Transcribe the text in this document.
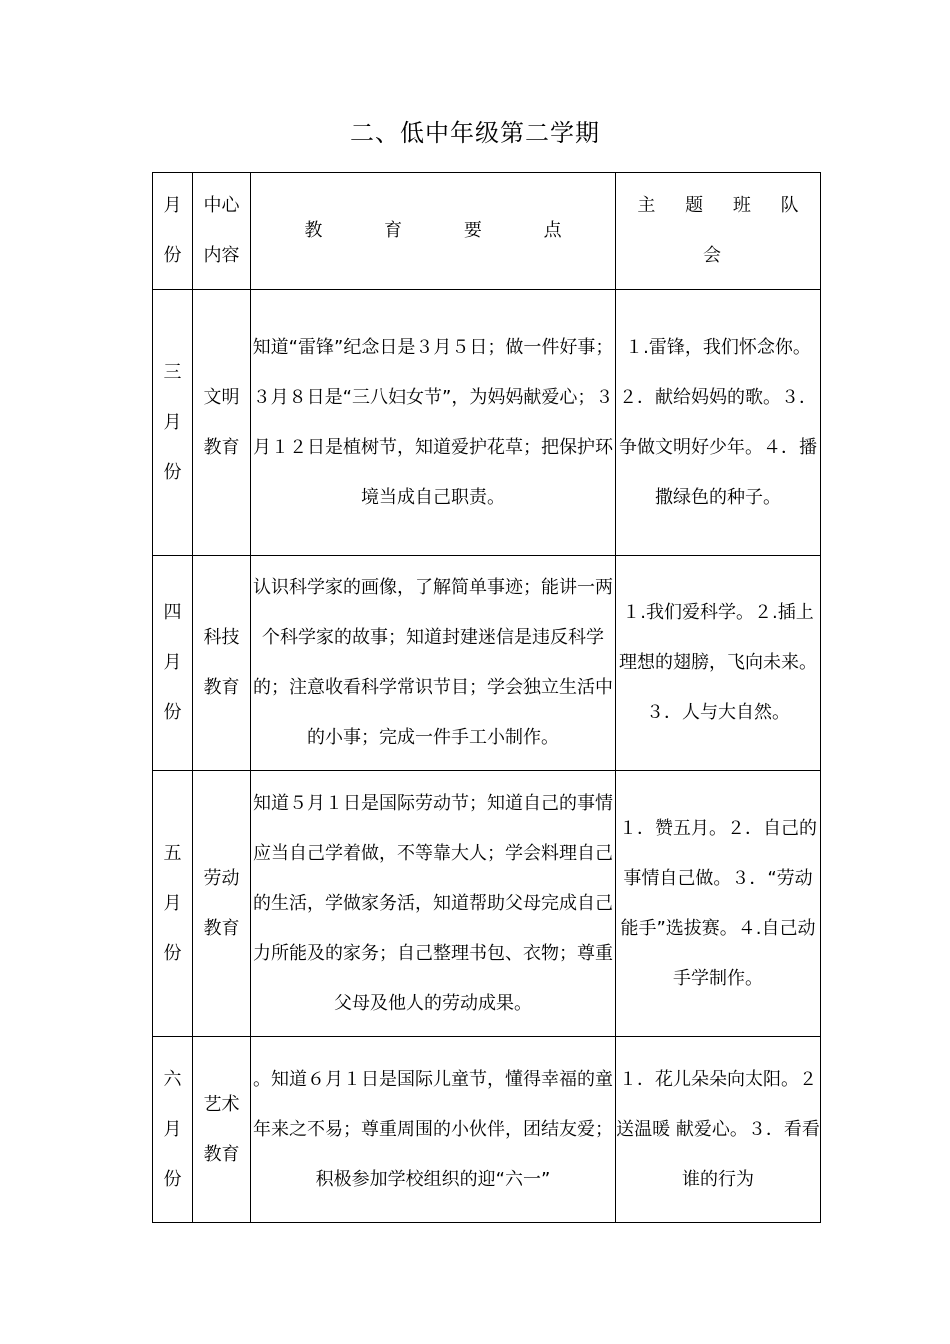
二、低中年级第二学期
月
份	中心
内容	教 育 要 点	主 题 班 队 会

三
月
份	文明
教育	知道“雷锋”纪念日是３月５日；做一件好事；３月８日是“三八妇女节”，为妈妈献爱心；３月１２日是植树节，知道爱护花草；把保护环境当成自己职责。	１.雷锋，我们怀念你。２．献给妈妈的歌。３．争做文明好少年。４．播撒绿色的种子。

四
月
份	科技
教育	认识科学家的画像，了解简单事迹；能讲一两个科学家的故事；知道封建迷信是违反科学的；注意收看科学常识节目；学会独立生活中的小事；完成一件手工小制作。	１.我们爱科学。２.插上理想的翅膀，飞向未来。３．人与大自然。

五
月
份	劳动
教育	知道５月１日是国际劳动节；知道自己的事情应当自己学着做，不等靠大人；学会料理自己的生活，学做家务活，知道帮助父母完成自己力所能及的家务；自己整理书包、衣物；尊重父母及他人的劳动成果。	１．赞五月。２．自己的事情自己做。３．“劳动能手”选拔赛。４.自己动手学制作。

六
月
份	艺术
教育	。知道６月１日是国际儿童节，懂得幸福的童年来之不易；尊重周围的小伙伴，团结友爱；积极参加学校组织的迎“六一”	１．花儿朵朵向太阳。２送温暖 献爱心。３．看看谁的行为
